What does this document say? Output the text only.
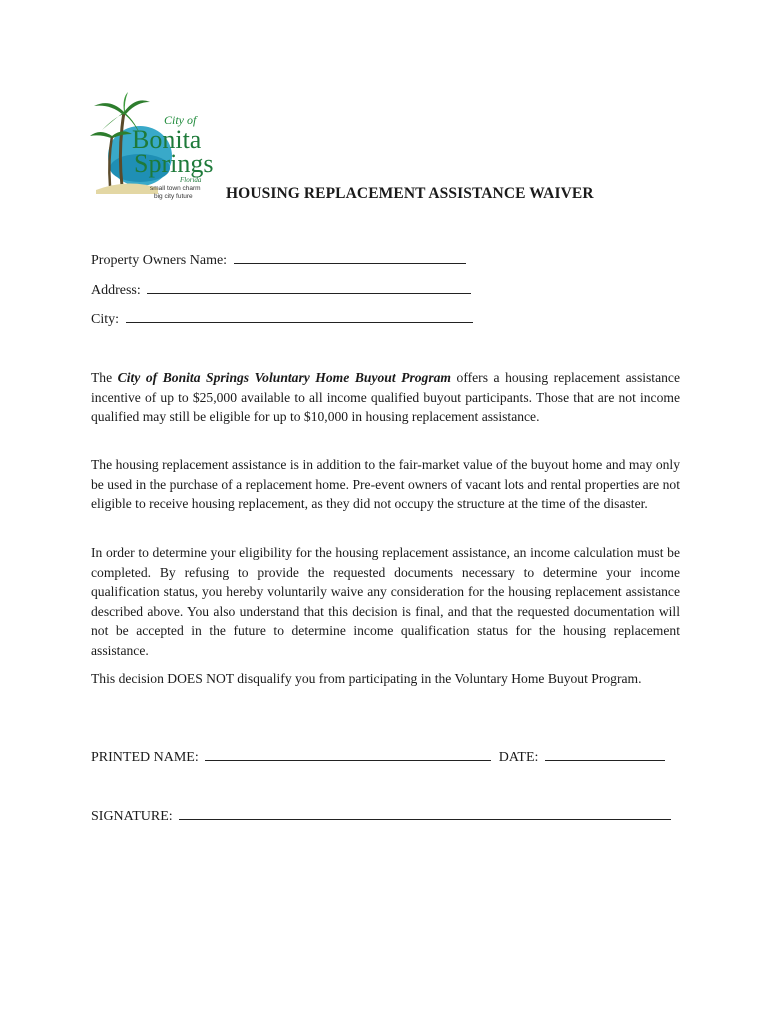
City of
Bonita
Springs
Florida
small town charm
big city future HOUSING REPLACEMENT ASSISTANCE WAIVER
Property Owners Name:
Address:
City:

The City of Bonita Springs Voluntary Home Buyout Program offers a housing replacement assistance incentive of up to $25,000 available to all income qualified buyout participants. Those that are not income qualified may still be eligible for up to $10,000 in housing replacement assistance.

The housing replacement assistance is in addition to the fair-market value of the buyout home and may only be used in the purchase of a replacement home. Pre-event owners of vacant lots and rental properties are not eligible to receive housing replacement, as they did not occupy the structure at the time of the disaster.

In order to determine your eligibility for the housing replacement assistance, an income calculation must be completed. By refusing to provide the requested documents necessary to determine your income qualification status, you hereby voluntarily waive any consideration for the housing replacement assistance described above. You also understand that this decision is final, and that the requested documentation will not be accepted in the future to determine income qualification status for the housing replacement assistance.

This decision DOES NOT disqualify you from participating in the Voluntary Home Buyout Program.

PRINTED NAME:	DATE:
SIGNATURE:
